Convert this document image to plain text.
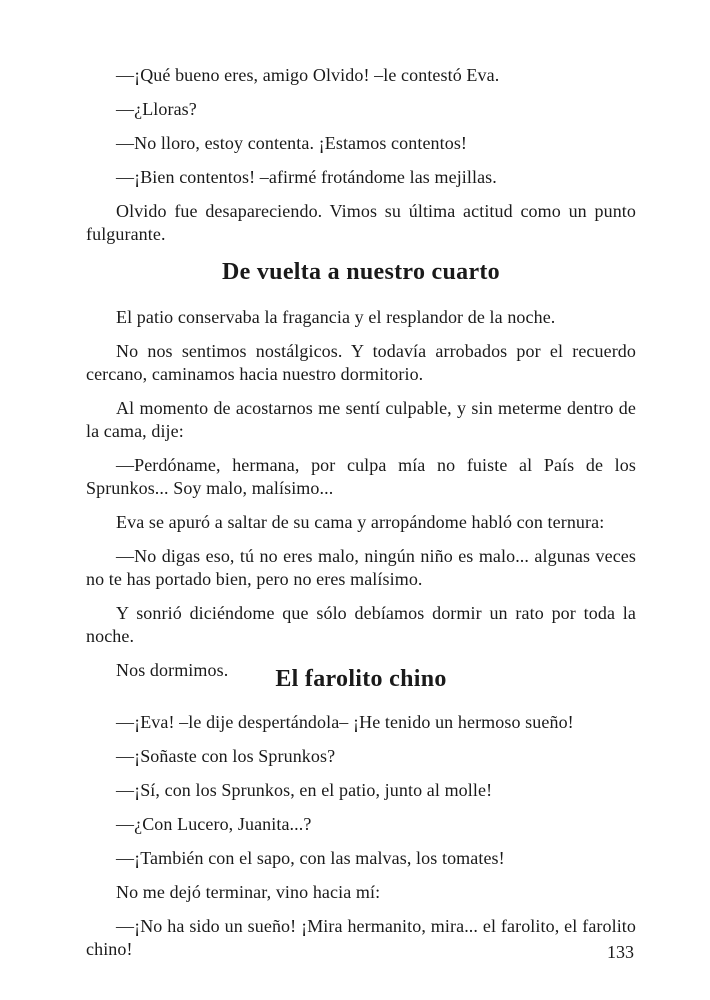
—¡Qué bueno eres, amigo Olvido! –le contestó Eva.

—¿Lloras?

—No lloro, estoy contenta. ¡Estamos contentos!

—¡Bien contentos! –afirmé frotándome las mejillas.

Olvido fue desapareciendo. Vimos su última actitud como un punto fulgurante.

De vuelta a nuestro cuarto

El patio conservaba la fragancia y el resplandor de la noche.

No nos sentimos nostálgicos. Y todavía arrobados por el recuerdo cercano, caminamos hacia nuestro dormitorio.

Al momento de acostarnos me sentí culpable, y sin meterme dentro de la cama, dije:

—Perdóname, hermana, por culpa mía no fuiste al País de los Sprunkos... Soy malo, malísimo...

Eva se apuró a saltar de su cama y arropándome habló con ternura:

—No digas eso, tú no eres malo, ningún niño es malo... algunas veces no te has portado bien, pero no eres malísimo.

Y sonrió diciéndome que sólo debíamos dormir un rato por toda la noche.

Nos dormimos.	El farolito chino

—¡Eva! –le dije despertándola– ¡He tenido un hermoso sueño!

—¡Soñaste con los Sprunkos?

—¡Sí, con los Sprunkos, en el patio, junto al molle!

—¿Con Lucero, Juanita...?

—¡También con el sapo, con las malvas, los tomates!

No me dejó terminar, vino hacia mí:

—¡No ha sido un sueño! ¡Mira hermanito, mira... el farolito, el farolito chino!	133
